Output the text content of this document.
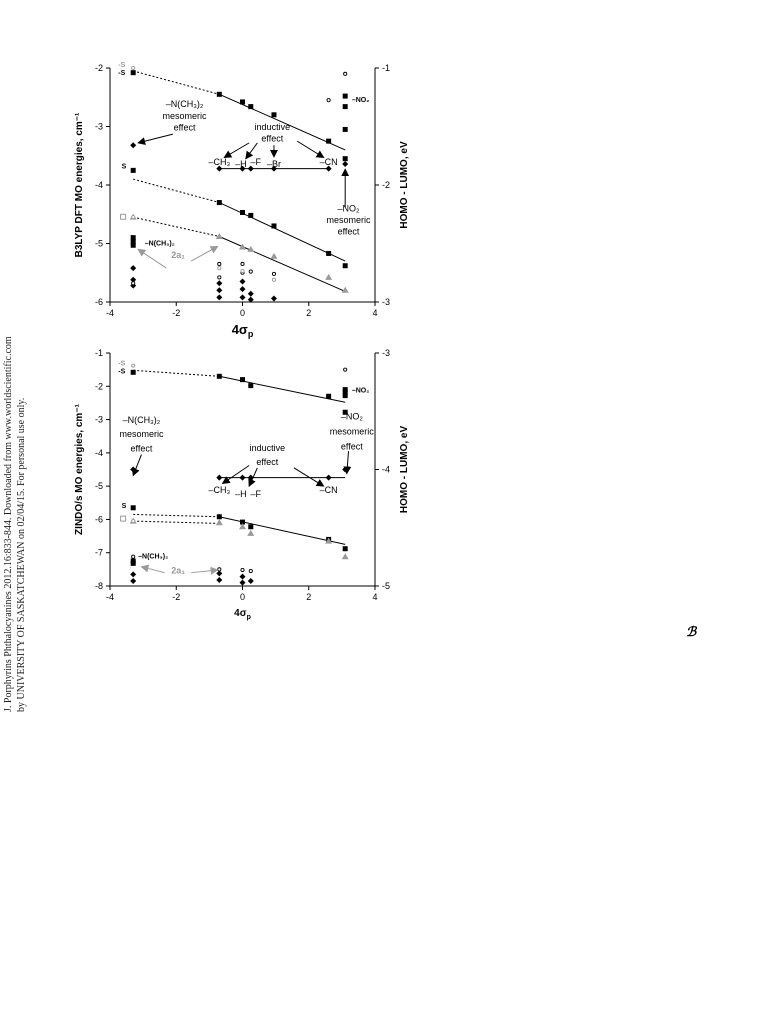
J. Porphyrins Phthalocyanines 2012.16:833-844. Downloaded from www.worldscientific.com by UNIVERSITY OF SASKATCHEWAN on 02/04/15. For personal use only.
-4	-2	0	2	4
-2
-3
-4
-5
-6
-1
-2
-3
$4\sigma_p$
B3LYP DFT MO energies, cm⁻¹	HOMO - LUMO, eV
-S
-S
S
–N(CH₃)₂
–NO₂
2a₁
–N(CH₃)₂
mesomeric
effect	inductive
effect
–CH₃ –H –F –Br	–CN
–NO₂
mesomeric
effect
-4	-2	0	2	4
-1
-2
-3
-4
-5
-6
-7
-8
-3
-4
-5
$4\sigma_p$
ZINDO/s MO energies, cm⁻¹	HOMO - LUMO, eV
-S
-S
S
–N(CH₃)₂
–NO₂
2a₁
–N(CH₃)₂
mesomeric
effect	inductive
effect
–CH₃ –H –F	–CN
–NO₂
mesomeric
effect
ℬ
